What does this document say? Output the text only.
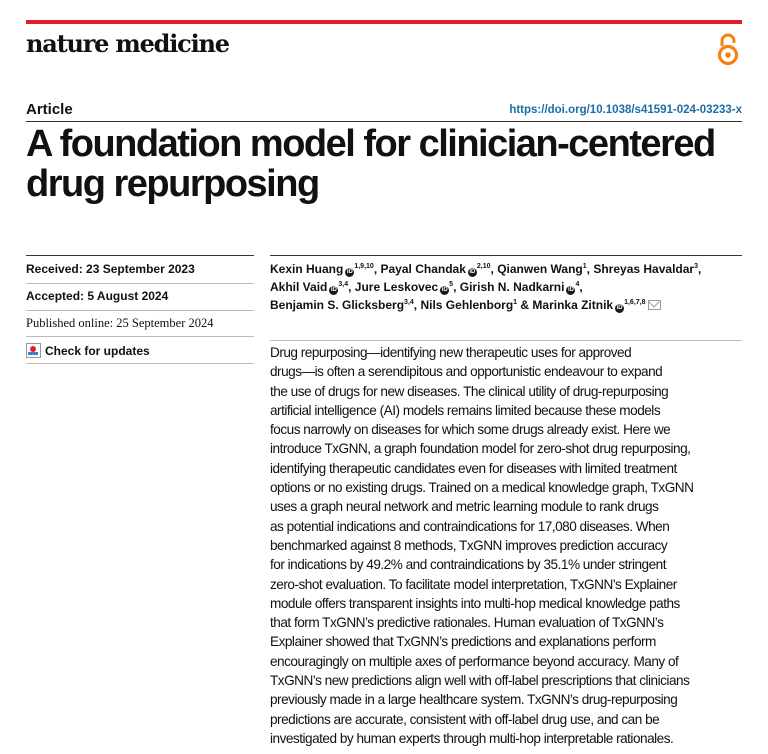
nature medicine
Article	https://doi.org/10.1038/s41591-024-03233-x
A foundation model for clinician-centered
drug repurposing
Received: 23 September 2023
Accepted: 5 August 2024
Published online: 25 September 2024
Check for updates
Kexin Huang iD$^{1,9,10}$, Payal Chandak iD$^{2,10}$, Qianwen Wang$^1$, Shreyas Havaldar$^3$,
Akhil Vaid iD$^{3,4}$, Jure Leskovec $iD^5$, Girish N. Nadkarni $iD^4$,
Benjamin S. Glicksberg$^{3,4}$, Nils Gehlenborg$^1$ & Marinka Zitnik iD$^{1,6,7,8}$
Drug repurposing—identifying new therapeutic uses for approved
drugs—is often a serendipitous and opportunistic endeavour to expand
the use of drugs for new diseases. The clinical utility of drug-repurposing
artificial intelligence (AI) models remains limited because these models
focus narrowly on diseases for which some drugs already exist. Here we
introduce TxGNN, a graph foundation model for zero-shot drug repurposing,
identifying therapeutic candidates even for diseases with limited treatment
options or no existing drugs. Trained on a medical knowledge graph, TxGNN
uses a graph neural network and metric learning module to rank drugs
as potential indications and contraindications for 17,080 diseases. When
benchmarked against 8 methods, TxGNN improves prediction accuracy
for indications by 49.2% and contraindications by 35.1% under stringent
zero-shot evaluation. To facilitate model interpretation, TxGNN’s Explainer
module offers transparent insights into multi-hop medical knowledge paths
that form TxGNN’s predictive rationales. Human evaluation of TxGNN’s
Explainer showed that TxGNN’s predictions and explanations perform
encouragingly on multiple axes of performance beyond accuracy. Many of
TxGNN’s new predictions align well with off-label prescriptions that clinicians
previously made in a large healthcare system. TxGNN’s drug-repurposing
predictions are accurate, consistent with off-label drug use, and can be
investigated by human experts through multi-hop interpretable rationales.
